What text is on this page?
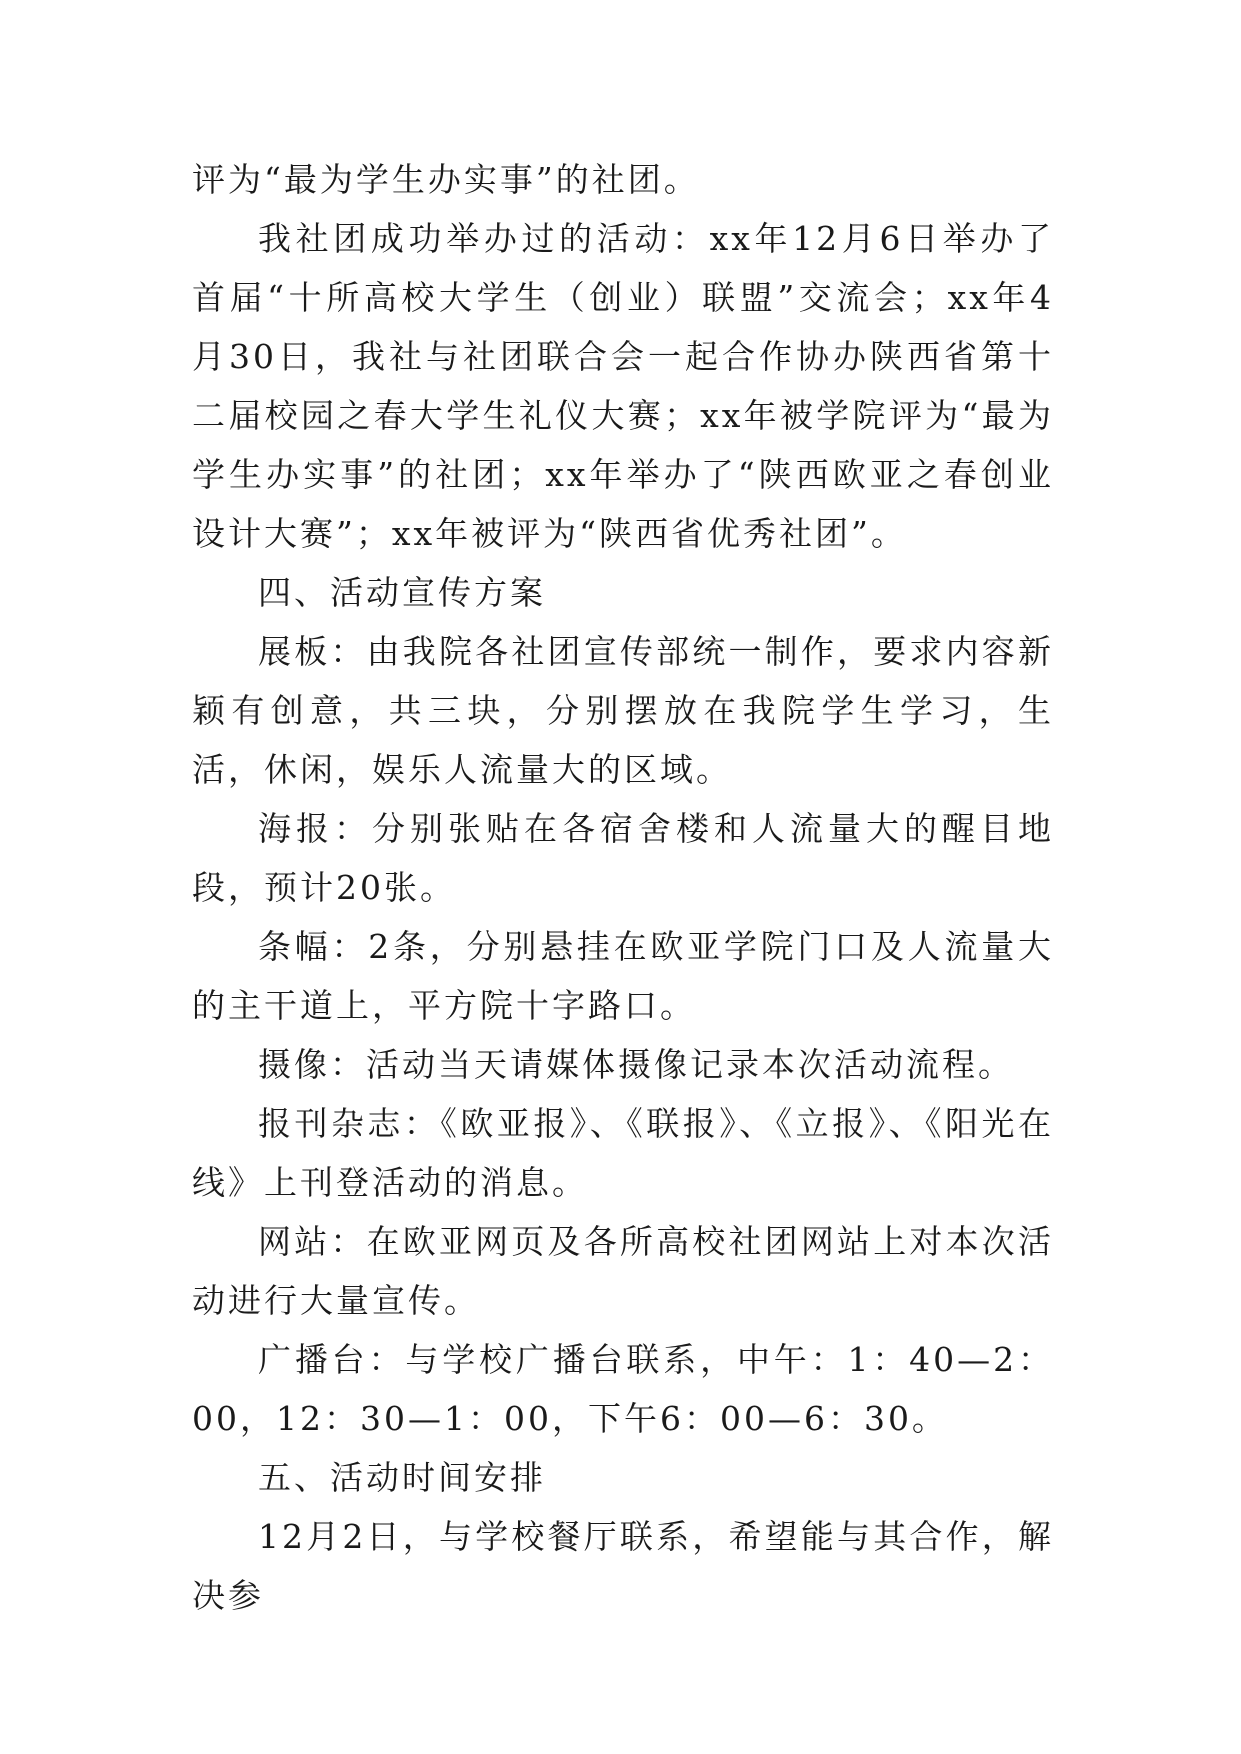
评为“最为学生办实事”的社团。

我社团成功举办过的活动：xx年12月6日举办了首届“十所高校大学生（创业）联盟”交流会；xx年4月30日，我社与社团联合会一起合作协办陕西省第十二届校园之春大学生礼仪大赛；xx年被学院评为“最为学生办实事”的社团；xx年举办了“陕西欧亚之春创业设计大赛”；xx年被评为“陕西省优秀社团”。

四、活动宣传方案

展板：由我院各社团宣传部统一制作，要求内容新颖有创意，共三块，分别摆放在我院学生学习，生活，休闲，娱乐人流量大的区域。

海报：分别张贴在各宿舍楼和人流量大的醒目地段，预计20张。

条幅：2条，分别悬挂在欧亚学院门口及人流量大的主干道上，平方院十字路口。

摄像：活动当天请媒体摄像记录本次活动流程。

报刊杂志：《欧亚报》、《联报》、《立报》、《阳光在线》上刊登活动的消息。

网站：在欧亚网页及各所高校社团网站上对本次活动进行大量宣传。

广播台：与学校广播台联系，中午：1：40—2：00，12：30—1：00，下午6：00—6：30。

五、活动时间安排

12月2日，与学校餐厅联系，希望能与其合作，解决参
